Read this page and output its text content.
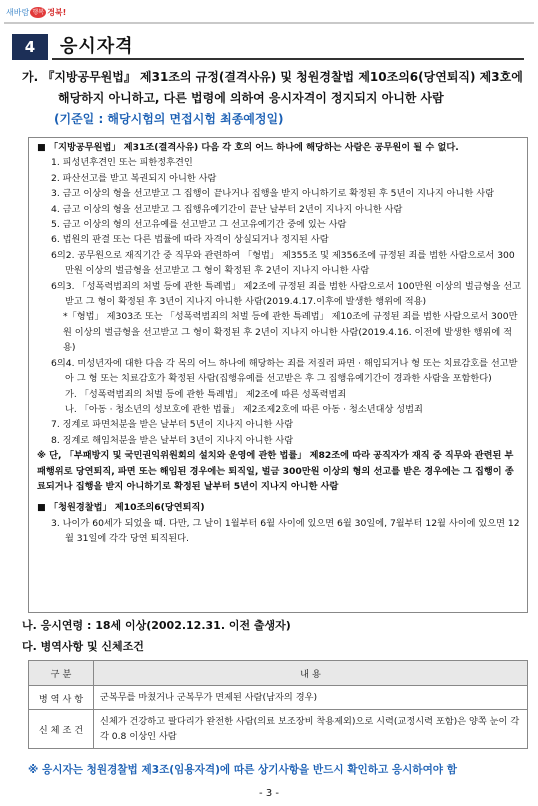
새바람 행복 경북!
4	응시자격
가. 『지방공무원법』 제31조의 규정(결격사유) 및 청원경찰법 제10조의6(당연퇴직) 제3호에
해당하지 아니하고, 다른 법령에 의하여 응시자격이 정지되지 아니한 사람
(기준일 : 해당시험의 면접시험 최종예정일)

■ 「지방공무원법」 제31조(결격사유) 다음 각 호의 어느 하나에 해당하는 사람은 공무원이 될 수 없다.

1. 피성년후견인 또는 피한정후견인
2. 파산선고를 받고 복권되지 아니한 사람
3. 금고 이상의 형을 선고받고 그 집행이 끝나거나 집행을 받지 아니하기로 확정된 후 5년이 지나지 아니한 사람
4. 금고 이상의 형을 선고받고 그 집행유예기간이 끝난 날부터 2년이 지나지 아니한 사람
5. 금고 이상의 형의 선고유예를 선고받고 그 선고유예기간 중에 있는 사람
6. 법원의 판결 또는 다른 법률에 따라 자격이 상실되거나 정지된 사람
6의2. 공무원으로 재직기간 중 직무와 관련하여 「형법」 제355조 및 제356조에 규정된 죄를 범한 사람으로서 300만원 이상의 벌금형을 선고받고 그 형이 확정된 후 2년이 지나지 아니한 사람
6의3. 「성폭력범죄의 처벌 등에 관한 특례법」 제2조에 규정된 죄를 범한 사람으로서 100만원 이상의 벌금형을 선고받고 그 형이 확정된 후 3년이 지나지 아니한 사람(2019.4.17.이후에 발생한 행위에 적용)
*「형법」 제303조 또는 「성폭력범죄의 처벌 등에 관한 특례법」 제10조에 규정된 죄를 범한 사람으로서 300만원 이상의 벌금형을 선고받고 그 형이 확정된 후 2년이 지나지 아니한 사람(2019.4.16. 이전에 발생한 행위에 적용)
6의4. 미성년자에 대한 다음 각 목의 어느 하나에 해당하는 죄를 저질러 파면 · 해임되거나 형 또는 치료감호를 선고받아 그 형 또는 치료감호가 확정된 사람(집행유예를 선고받은 후 그 집행유예기간이 경과한 사람을 포함한다)
가. 「성폭력범죄의 처벌 등에 관한 특례법」 제2조에 따른 성폭력범죄
나. 「아동 · 청소년의 성보호에 관한 법률」 제2조제2호에 따른 아동 · 청소년대상 성범죄
7. 징계로 파면처분을 받은 날부터 5년이 지나지 아니한 사람
8. 징계로 해임처분을 받은 날부터 3년이 지나지 아니한 사람

※ 단, 「부패방지 및 국민권익위원회의 설치와 운영에 관한 법률」 제82조에 따라 공직자가 재직 중 직무와 관련된 부패행위로 당연퇴직, 파면 또는 해임된 경우에는 퇴직일, 벌금 300만원 이상의 형의 선고를 받은 경우에는 그 집행이 종료되거나 집행을 받지 아니하기로 확정된 날부터 5년이 지나지 아니한 사람

■ 「청원경찰법」 제10조의6(당연퇴직)

3. 나이가 60세가 되었을 때. 다만, 그 날이 1월부터 6월 사이에 있으면 6월 30일에, 7월부터 12월 사이에 있으면 12월 31일에 각각 당연 퇴직된다.
나. 응시연령 : 18세 이상(2002.12.31. 이전 출생자)
다. 병역사항 및 신체조건
구 분	내 용
병 역 사 항	군복무를 마쳤거나 군복무가 면제된 사람(남자의 경우)
신 체 조 건	신체가 건강하고 팔다리가 완전한 사람(의료 보조장비 착용제외)으로 시력(교정시력 포함)은 양쪽 눈이 각각 0.8 이상인 사람
※ 응시자는 청원경찰법 제3조(임용자격)에 따른 상기사항을 반드시 확인하고 응시하여야 함
- 3 -
